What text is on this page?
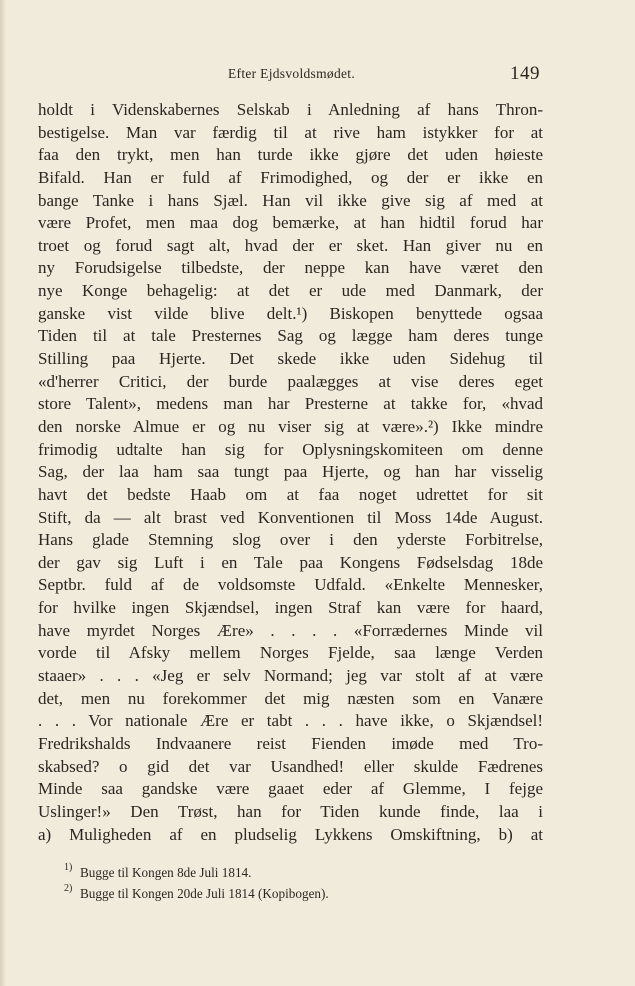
Efter Ejdsvoldsmødet.	149
holdt i Videnskabernes Selskab i Anledning af hans Thron-
bestigelse. Man var færdig til at rive ham istykker for at
faa den trykt, men han turde ikke gjøre det uden høieste
Bifald. Han er fuld af Frimodighed, og der er ikke en
bange Tanke i hans Sjæl. Han vil ikke give sig af med at
være Profet, men maa dog bemærke, at han hidtil forud har
troet og forud sagt alt, hvad der er sket. Han giver nu en
ny Forudsigelse tilbedste, der neppe kan have været den
nye Konge behagelig: at det er ude med Danmark, der
ganske vist vilde blive delt.¹) Biskopen benyttede ogsaa
Tiden til at tale Presternes Sag og lægge ham deres tunge
Stilling paa Hjerte. Det skede ikke uden Sidehug til
«d'herrer Critici, der burde paalægges at vise deres eget
store Talent», medens man har Presterne at takke for, «hvad
den norske Almue er og nu viser sig at være».²) Ikke mindre
frimodig udtalte han sig for Oplysningskomiteen om denne
Sag, der laa ham saa tungt paa Hjerte, og han har visselig
havt det bedste Haab om at faa noget udrettet for sit
Stift, da — alt brast ved Konventionen til Moss 14de August.
Hans glade Stemning slog over i den yderste Forbitrelse,
der gav sig Luft i en Tale paa Kongens Fødselsdag 18de
Septbr. fuld af de voldsomste Udfald. «Enkelte Mennesker,
for hvilke ingen Skjændsel, ingen Straf kan være for haard,
have myrdet Norges Ære» . . . . «Forrædernes Minde vil
vorde til Afsky mellem Norges Fjelde, saa længe Verden
staaer» . . . «Jeg er selv Normand; jeg var stolt af at være
det, men nu forekommer det mig næsten som en Vanære
. . . Vor nationale Ære er tabt . . . have ikke, o Skjændsel!
Fredrikshalds Indvaanere reist Fienden imøde med Tro-
skabsed? o gid det var Usandhed! eller skulde Fædrenes
Minde saa gandske være gaaet eder af Glemme, I fejge
Uslinger!» Den Trøst, han for Tiden kunde finde, laa i
a) Muligheden af en pludselig Lykkens Omskiftning, b) at
1) Bugge til Kongen 8de Juli 1814.
2) Bugge til Kongen 20de Juli 1814 (Kopibogen).
